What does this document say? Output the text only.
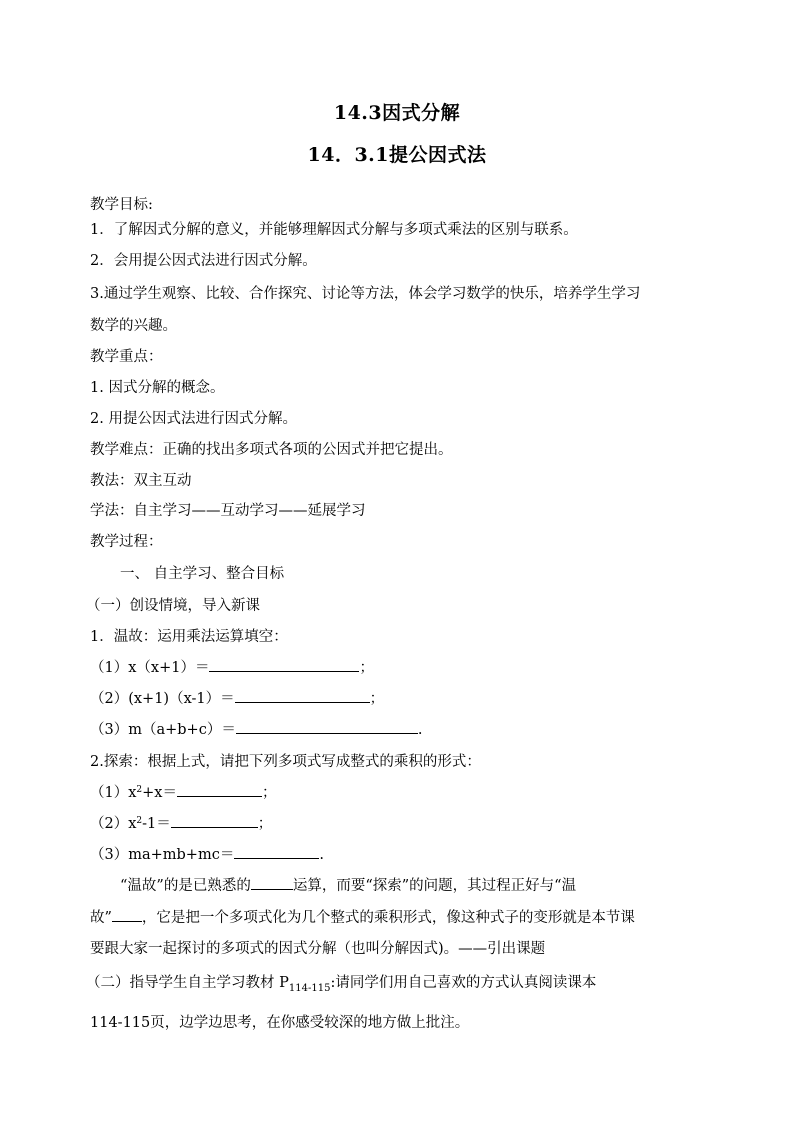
14.3因式分解
14．3.1提公因式法
教学目标:
1．了解因式分解的意义，并能够理解因式分解与多项式乘法的区别与联系。
2．会用提公因式法进行因式分解。
3.通过学生观察、比较、合作探究、讨论等方法，体会学习数学的快乐，培养学生学习
数学的兴趣。
教学重点：
1. 因式分解的概念。
2. 用提公因式法进行因式分解。
教学难点：正确的找出多项式各项的公因式并把它提出。
教法：双主互动
学法：自主学习——互动学习——延展学习
教学过程：
一、 自主学习、整合目标
（一）创设情境，导入新课
1．温故：运用乘法运算填空：
（1）x（x+1）＝	；
（2）(x+1)（x-1）＝	；
（3）m（a+b+c）＝	.
2.探索：根据上式，请把下列多项式写成整式的乘积的形式：
$(1)x^2+x=$	；
$(2)x^2-1=$	；
（3）ma+mb+mc＝	.
“温故”的是已熟悉的	运算，而要“探索”的问题，其过程正好与“温
故” ，它是把一个多项式化为几个整式的乘积形式，像这种式子的变形就是本节课
要跟大家一起探讨的多项式的因式分解（也叫分解因式)。——引出课题
（二）指导学生自主学习教材 $P_{114-115}$:请同学们用自己喜欢的方式认真阅读课本
114-115页，边学边思考，在你感受较深的地方做上批注。
